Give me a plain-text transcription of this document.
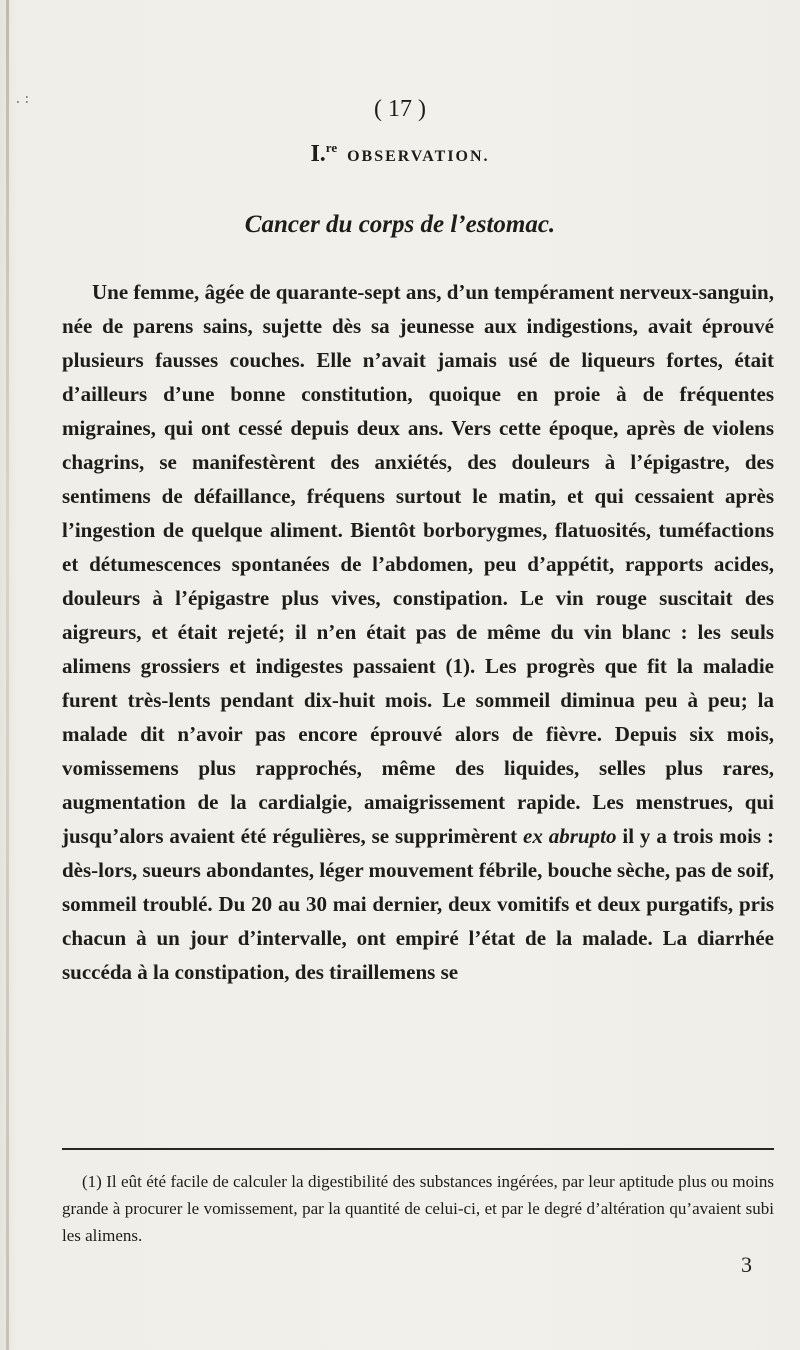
.:	( 17 )
I.$^{re}$OBSERVATION.
Cancer du corps de l’estomac.

Une femme, âgée de quarante-sept ans, d’un tempérament nerveux-sanguin, née de parens sains, sujette dès sa jeunesse aux indigestions, avait éprouvé plusieurs fausses couches. Elle n’avait jamais usé de liqueurs fortes, était d’ailleurs d’une bonne constitution, quoique en proie à de fréquentes migraines, qui ont cessé depuis deux ans. Vers cette époque, après de violens chagrins, se manifestèrent des anxiétés, des douleurs à l’épigastre, des sentimens de défaillance, fréquens surtout le matin, et qui cessaient après l’ingestion de quelque aliment. Bientôt borborygmes, flatuosités, tuméfactions et détumescences spontanées de l’abdomen, peu d’appétit, rapports acides, douleurs à l’épigastre plus vives, constipation. Le vin rouge suscitait des aigreurs, et était rejeté; il n’en était pas de même du vin blanc : les seuls alimens grossiers et indigestes passaient (1). Les progrès que fit la maladie furent très-lents pendant dix-huit mois. Le sommeil diminua peu à peu; la malade dit n’avoir pas encore éprouvé alors de fièvre. Depuis six mois, vomissemens plus rapprochés, même des liquides, selles plus rares, augmentation de la cardialgie, amaigrissement rapide. Les menstrues, qui jusqu’alors avaient été régulières, se supprimèrent ex abrupto il y a trois mois : dès-lors, sueurs abondantes, léger mouvement fébrile, bouche sèche, pas de soif, sommeil troublé. Du 20 au 30 mai dernier, deux vomitifs et deux purgatifs, pris chacun à un jour d’intervalle, ont empiré l’état de la malade. La diarrhée succéda à la constipation, des tiraillemens se

(1) Il eût été facile de calculer la digestibilité des substances ingérées, par leur aptitude plus ou moins grande à procurer le vomissement, par la quantité de celui-ci, et par le degré d’altération qu’avaient subi les alimens.

3
